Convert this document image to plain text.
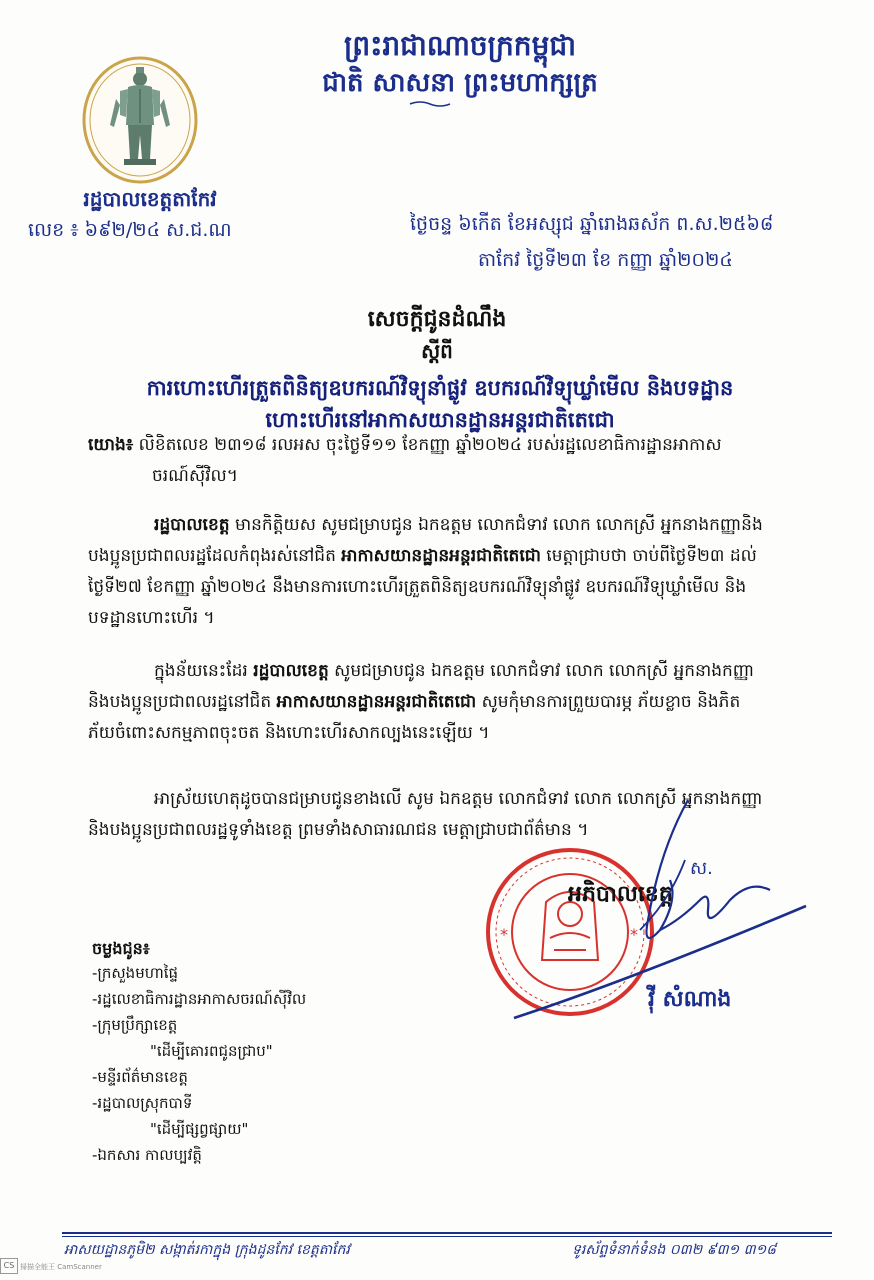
ព្រះរាជាណាចក្រកម្ពុជា
ជាតិ សាសនា ព្រះមហាក្សត្រ
រដ្ឋបាលខេត្តតាកែវ
លេខ ៖ ៦៩២/២៤ ស.ជ.ណ	ថ្ងៃចន្ទ ៦កើត ខែអស្សុជ ឆ្នាំរោងឆស័ក ព.ស.២៥៦៨
តាកែវ ថ្ងៃទី២៣ ខែ កញ្ញា ឆ្នាំ២០២៤
សេចក្តីជូនដំណឹង
ស្តីពី
ការហោះហើរត្រួតពិនិត្យឧបករណ៍វិទ្យុនាំផ្លូវ ឧបករណ៍វិទ្យុឃ្លាំមើល និងបទដ្ឋាន
ហោះហើរនៅអាកាសយានដ្ឋានអន្តរជាតិតេជោ
យោង៖ លិខិតលេខ ២៣១៨ រលអស ចុះថ្ងៃទី១១ ខែកញ្ញា ឆ្នាំ២០២៤ របស់រដ្ឋលេខាធិការដ្ឋានអាកាស
ចរណ៍ស៊ីវិល។
រដ្ឋបាលខេត្ត មានកិត្តិយស សូមជម្រាបជូន ឯកឧត្តម លោកជំទាវ លោក លោកស្រី អ្នកនាងកញ្ញានិង
បងប្អូនប្រជាពលរដ្ឋដែលកំពុងរស់នៅជិត អាកាសយានដ្ឋានអន្តរជាតិតេជោ មេត្តាជ្រាបថា ចាប់ពីថ្ងៃទី២៣ ដល់
ថ្ងៃទី២៧ ខែកញ្ញា ឆ្នាំ២០២៤ នឹងមានការហោះហើរត្រួតពិនិត្យឧបករណ៍វិទ្យុនាំផ្លូវ ឧបករណ៍វិទ្យុឃ្លាំមើល និង
បទដ្ឋានហោះហើរ ។
ក្នុងន័យនេះដែរ រដ្ឋបាលខេត្ត សូមជម្រាបជូន ឯកឧត្តម លោកជំទាវ លោក លោកស្រី អ្នកនាងកញ្ញា
និងបងប្អូនប្រជាពលរដ្ឋនៅជិត អាកាសយានដ្ឋានអន្តរជាតិតេជោ សូមកុំមានការព្រួយបារម្ភ ភ័យខ្លាច និងភិត
ភ័យចំពោះសកម្មភាពចុះចត និងហោះហើរសាកល្បងនេះឡើយ ។
អាស្រ័យហេតុដូចបានជម្រាបជូនខាងលើ សូម ឯកឧត្តម លោកជំទាវ លោក លោកស្រី អ្នកនាងកញ្ញា
និងបងប្អូនប្រជាពលរដ្ឋទូទាំងខេត្ត ព្រមទាំងសាធារណជន មេត្តាជ្រាបជាព័ត៌មាន ។
*	*
ស.
អភិបាលខេត្ត
វ៉ី សំណាង
ចម្លងជូន៖
-ក្រសួងមហាផ្ទៃ
-រដ្ឋលេខាធិការដ្ឋានអាកាសចរណ៍ស៊ីវិល
-ក្រុមប្រឹក្សាខេត្ត
"ដើម្បីគោរពជូនជ្រាប"
-មន្ទីរព័ត៌មានខេត្ត
-រដ្ឋបាលស្រុកបាទី
"ដើម្បីផ្សព្វផ្សាយ"
-ឯកសារ កាលប្បវត្តិ
អាសយដ្ឋានភូមិ២ សង្កាត់រកាក្នុង ក្រុងដូនកែវ ខេត្តតាកែវ	ទូរស័ព្ទទំនាក់ទំនង ០៣២ ៩៣១ ៣១៨
CS 掃描全能王 CamScanner
